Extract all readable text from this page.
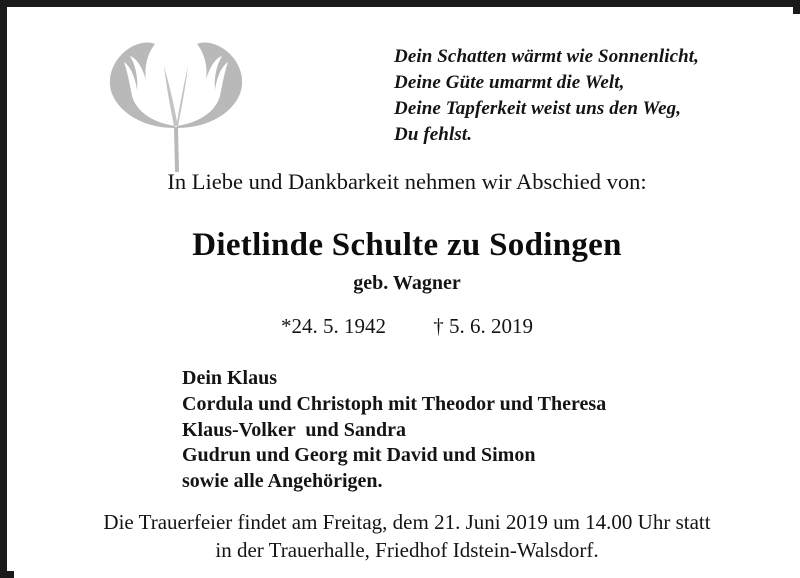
Dein Schatten wärmt wie Sonnenlicht,
Deine Güte umarmt die Welt,
Deine Tapferkeit weist uns den Weg,
Du fehlst.
In Liebe und Dankbarkeit nehmen wir Abschied von:
Dietlinde Schulte zu Sodingen
geb. Wagner
*24. 5. 1942 † 5. 6. 2019
Dein Klaus
Cordula und Christoph mit Theodor und Theresa
Klaus-Volker  und Sandra
Gudrun und Georg mit David und Simon
sowie alle Angehörigen.
Die Trauerfeier findet am Freitag, dem 21. Juni 2019 um 14.00 Uhr statt
in der Trauerhalle, Friedhof Idstein-Walsdorf.
